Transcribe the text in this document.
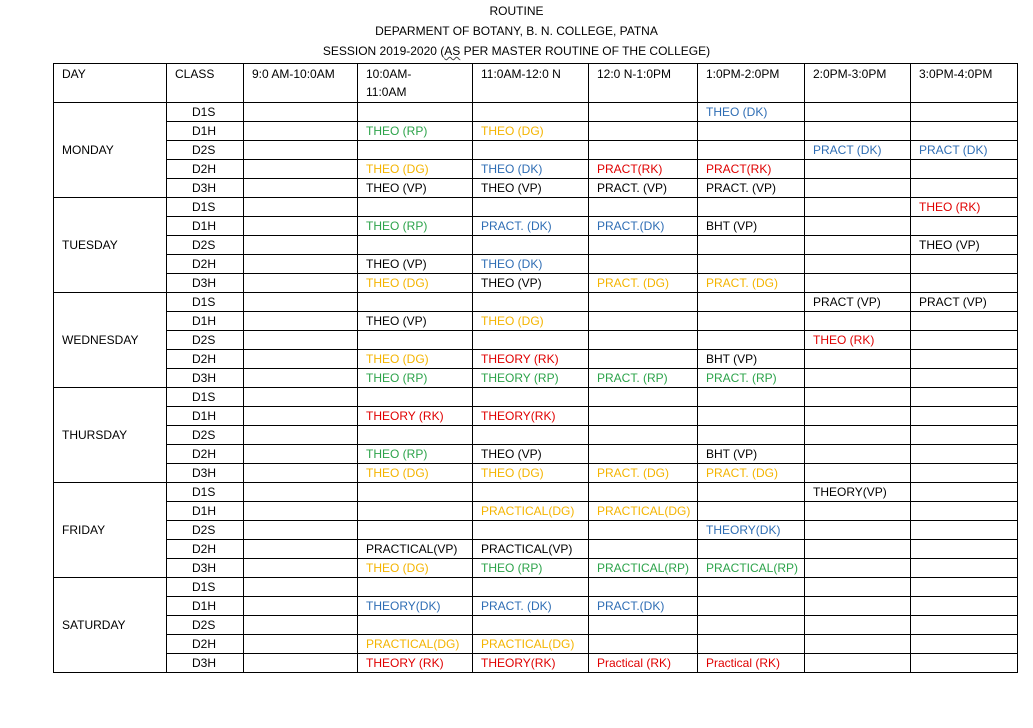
ROUTINE
DEPARMENT OF BOTANY, B. N. COLLEGE, PATNA
SESSION 2019-2020 (AS PER MASTER ROUTINE OF THE COLLEGE)
DAY	CLASS	9:0 AM-10:0AM	10:0AM-11:0AM	11:0AM-12:0 N	12:0 N-1:0PM	1:0PM-2:0PM	2:0PM-3:0PM	3:0PM-4:0PM
MONDAY	D1S					THEO (DK)		
	D1H		THEO (RP)	THEO (DG)				
	D2S						PRACT (DK)	PRACT (DK)
	D2H		THEO (DG)	THEO (DK)	PRACT(RK)	PRACT(RK)		
	D3H		THEO (VP)	THEO (VP)	PRACT. (VP)	PRACT. (VP)		
TUESDAY	D1S							THEO (RK)
	D1H		THEO (RP)	PRACT. (DK)	PRACT.(DK)	BHT (VP)		
	D2S							THEO (VP)
	D2H		THEO (VP)	THEO (DK)				
	D3H		THEO (DG)	THEO (VP)	PRACT. (DG)	PRACT. (DG)		
WEDNESDAY	D1S						PRACT (VP)	PRACT (VP)
	D1H		THEO (VP)	THEO (DG)				
	D2S						THEO (RK)	
	D2H		THEO (DG)	THEORY (RK)		BHT (VP)		
	D3H		THEO (RP)	THEORY (RP)	PRACT. (RP)	PRACT. (RP)		
THURSDAY	D1S							
	D1H		THEORY (RK)	THEORY(RK)				
	D2S							
	D2H		THEO (RP)	THEO (VP)		BHT (VP)		
	D3H		THEO (DG)	THEO (DG)	PRACT. (DG)	PRACT. (DG)		
FRIDAY	D1S						THEORY(VP)	
	D1H			PRACTICAL(DG)	PRACTICAL(DG)			
	D2S					THEORY(DK)		
	D2H		PRACTICAL(VP)	PRACTICAL(VP)				
	D3H		THEO (DG)	THEO (RP)	PRACTICAL(RP)	PRACTICAL(RP)		
SATURDAY	D1S							
	D1H		THEORY(DK)	PRACT. (DK)	PRACT.(DK)			
	D2S							
	D2H		PRACTICAL(DG)	PRACTICAL(DG)				
	D3H		THEORY (RK)	THEORY(RK)	Practical (RK)	Practical (RK)		
